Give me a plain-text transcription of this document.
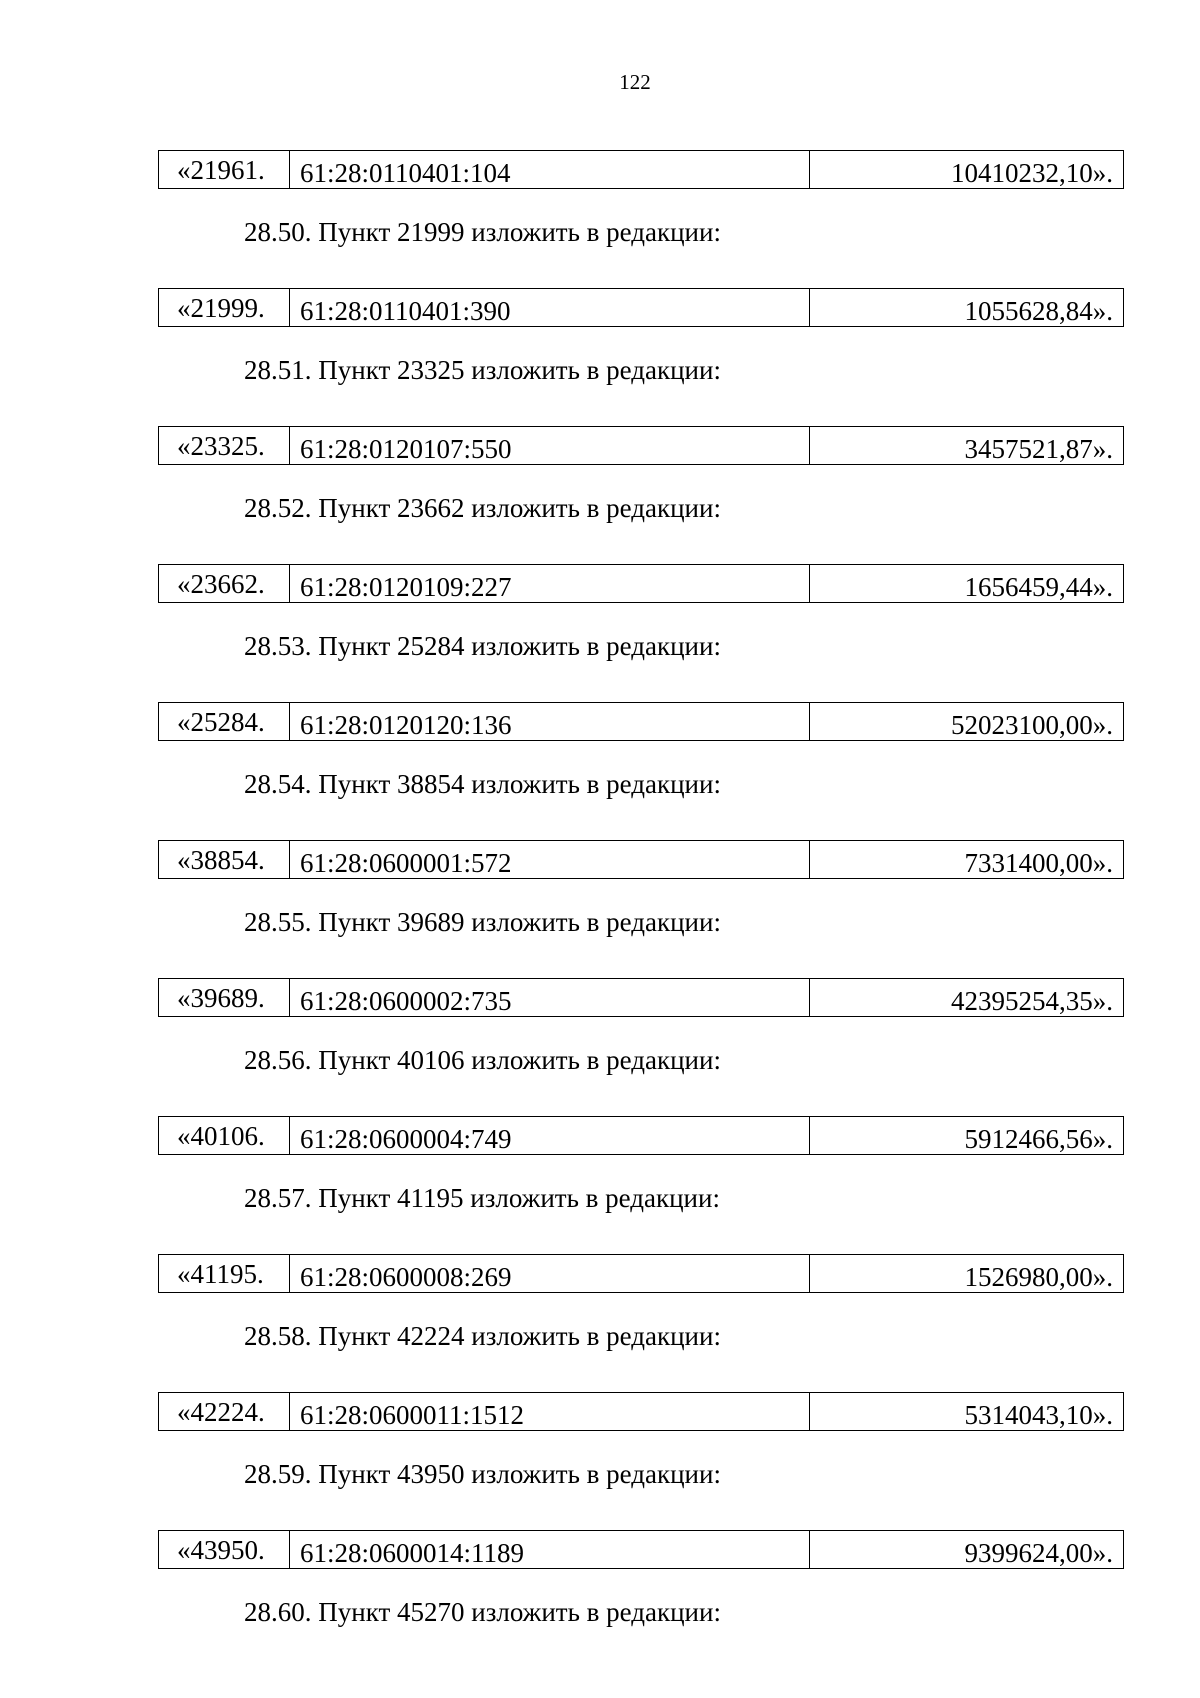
122
«21961.	61:28:0110401:104	10410232,10».
28.50. Пункт 21999 изложить в редакции:
«21999.	61:28:0110401:390	1055628,84».
28.51. Пункт 23325 изложить в редакции:
«23325.	61:28:0120107:550	3457521,87».
28.52. Пункт 23662 изложить в редакции:
«23662.	61:28:0120109:227	1656459,44».
28.53. Пункт 25284 изложить в редакции:
«25284.	61:28:0120120:136	52023100,00».
28.54. Пункт 38854 изложить в редакции:
«38854.	61:28:0600001:572	7331400,00».
28.55. Пункт 39689 изложить в редакции:
«39689.	61:28:0600002:735	42395254,35».
28.56. Пункт 40106 изложить в редакции:
«40106.	61:28:0600004:749	5912466,56».
28.57. Пункт 41195 изложить в редакции:
«41195.	61:28:0600008:269	1526980,00».
28.58. Пункт 42224 изложить в редакции:
«42224.	61:28:0600011:1512	5314043,10».
28.59. Пункт 43950 изложить в редакции:
«43950.	61:28:0600014:1189	9399624,00».
28.60. Пункт 45270 изложить в редакции:
